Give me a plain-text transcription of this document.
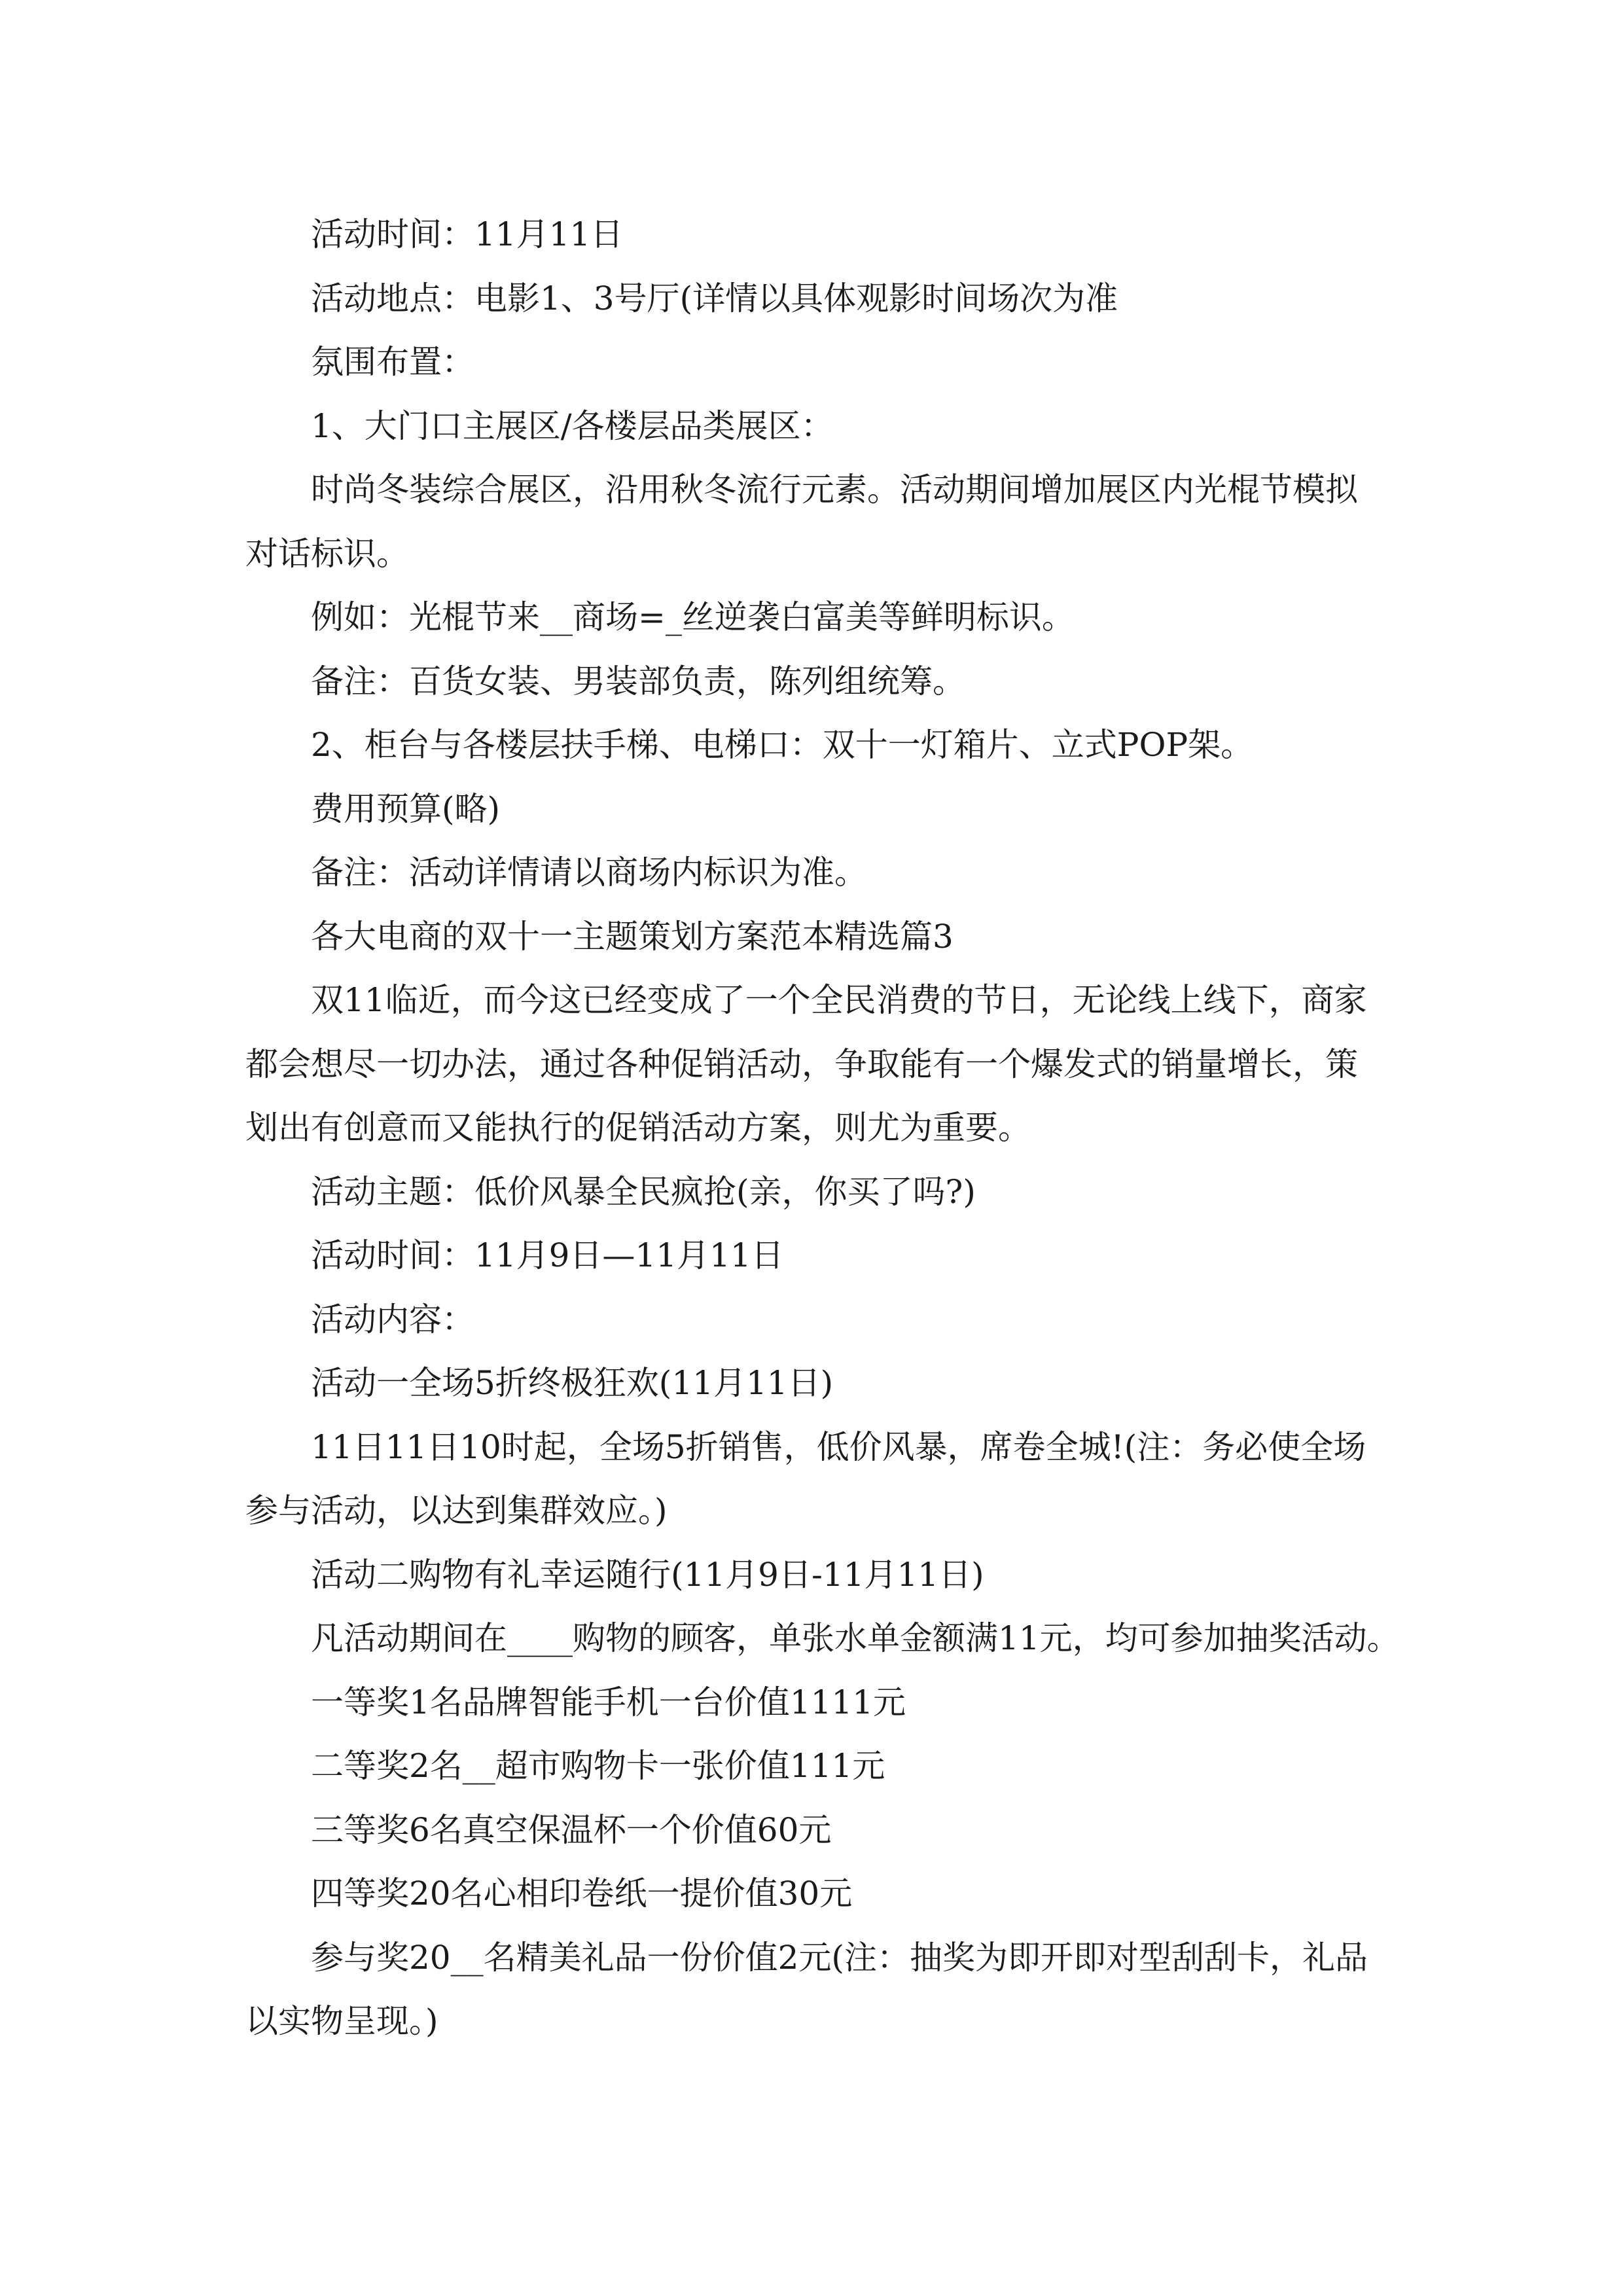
活动时间：11月11日

活动地点：电影1、3号厅(详情以具体观影时间场次为准

氛围布置：

1、大门口主展区/各楼层品类展区：

时尚冬装综合展区，沿用秋冬流行元素。活动期间增加展区内光棍节模拟对话标识。

例如：光棍节来__商场=_丝逆袭白富美等鲜明标识。

备注：百货女装、男装部负责，陈列组统筹。

2、柜台与各楼层扶手梯、电梯口：双十一灯箱片、立式POP架。

费用预算(略)

备注：活动详情请以商场内标识为准。

各大电商的双十一主题策划方案范本精选篇3

双11临近，而今这已经变成了一个全民消费的节日，无论线上线下，商家都会想尽一切办法，通过各种促销活动，争取能有一个爆发式的销量增长，策划出有创意而又能执行的促销活动方案，则尤为重要。

活动主题：低价风暴全民疯抢(亲，你买了吗?)

活动时间：11月9日—11月11日

活动内容：

活动一全场5折终极狂欢(11月11日)

11日11日10时起，全场5折销售，低价风暴，席卷全城!(注：务必使全场参与活动，以达到集群效应。)

活动二购物有礼幸运随行(11月9日-11月11日)

凡活动期间在____购物的顾客，单张水单金额满11元，均可参加抽奖活动。

一等奖1名品牌智能手机一台价值1111元

二等奖2名__超市购物卡一张价值111元

三等奖6名真空保温杯一个价值60元

四等奖20名心相印卷纸一提价值30元

参与奖20__名精美礼品一份价值2元(注：抽奖为即开即对型刮刮卡，礼品以实物呈现。)
